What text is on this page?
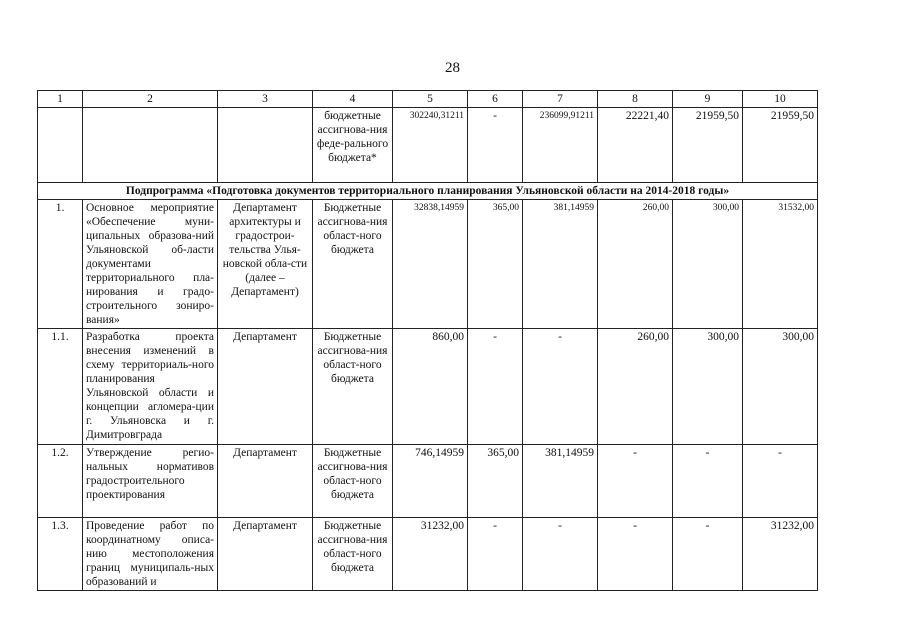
28
1	2	3	4	5	6	7	8	9	10
			бюджетные ассигнова-ния феде-рального бюджета*	302240,31211	-	236099,91211	22221,40	21959,50	21959,50
Подпрограмма «Подготовка документов территориального планирования Ульяновской области на 2014-2018 годы»									
1.	Основное мероприятие «Обеспечение муни-ципальных образова-ний Ульяновской об-ласти документами территориального пла-нирования и градо-строительного зониро-вания»	Департамент архитектуры и градострои-тельства Улья-новской обла-сти (далее – Департамент)	Бюджетные ассигнова-ния област-ного бюджета	32838,14959	365,00	381,14959	260,00	300,00	31532,00
1.1.	Разработка проекта внесения изменений в схему территориаль-ного планирования Ульяновской области и концепции агломера-ции г. Ульяновска и г. Димитровграда	Департамент	Бюджетные ассигнова-ния област-ного бюджета	860,00	-	-	260,00	300,00	300,00
1.2.	Утверждение регио-нальных нормативов градостроительного проектирования	Департамент	Бюджетные ассигнова-ния област-ного бюджета	746,14959	365,00	381,14959	-	-	-
1.3.	Проведение работ по координатному описа-нию местоположения границ муниципаль-ных образований и	Департамент	Бюджетные ассигнова-ния област-ного бюджета	31232,00	-	-	-	-	31232,00
